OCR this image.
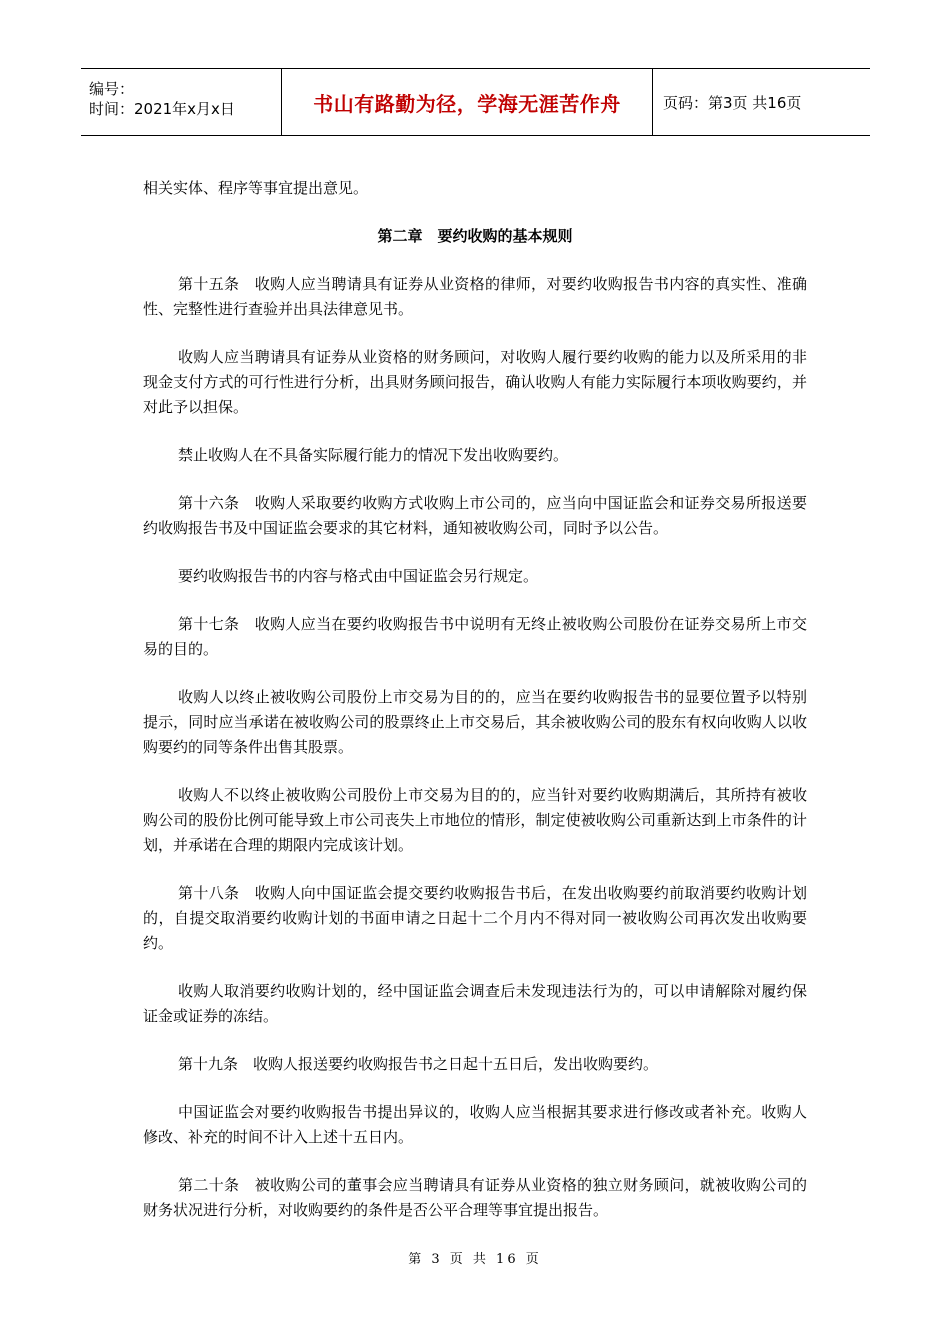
编号：
时间：2021年x月x日	书山有路勤为径，学海无涯苦作舟	页码：第3页 共16页

相关实体、程序等事宜提出意见。

第二章　要约收购的基本规则

第十五条　收购人应当聘请具有证券从业资格的律师，对要约收购报告书内容的真实性、准确性、完整性进行查验并出具法律意见书。

收购人应当聘请具有证券从业资格的财务顾问，对收购人履行要约收购的能力以及所采用的非现金支付方式的可行性进行分析，出具财务顾问报告，确认收购人有能力实际履行本项收购要约，并对此予以担保。

禁止收购人在不具备实际履行能力的情况下发出收购要约。

第十六条　收购人采取要约收购方式收购上市公司的，应当向中国证监会和证券交易所报送要约收购报告书及中国证监会要求的其它材料，通知被收购公司，同时予以公告。

要约收购报告书的内容与格式由中国证监会另行规定。

第十七条　收购人应当在要约收购报告书中说明有无终止被收购公司股份在证券交易所上市交易的目的。

收购人以终止被收购公司股份上市交易为目的的，应当在要约收购报告书的显要位置予以特别提示，同时应当承诺在被收购公司的股票终止上市交易后，其余被收购公司的股东有权向收购人以收购要约的同等条件出售其股票。

收购人不以终止被收购公司股份上市交易为目的的，应当针对要约收购期满后，其所持有被收购公司的股份比例可能导致上市公司丧失上市地位的情形，制定使被收购公司重新达到上市条件的计划，并承诺在合理的期限内完成该计划。

第十八条　收购人向中国证监会提交要约收购报告书后，在发出收购要约前取消要约收购计划的，自提交取消要约收购计划的书面申请之日起十二个月内不得对同一被收购公司再次发出收购要约。

收购人取消要约收购计划的，经中国证监会调查后未发现违法行为的，可以申请解除对履约保证金或证券的冻结。

第十九条　收购人报送要约收购报告书之日起十五日后，发出收购要约。

中国证监会对要约收购报告书提出异议的，收购人应当根据其要求进行修改或者补充。收购人修改、补充的时间不计入上述十五日内。

第二十条　被收购公司的董事会应当聘请具有证券从业资格的独立财务顾问，就被收购公司的财务状况进行分析，对收购要约的条件是否公平合理等事宜提出报告。

第 3 页 共 16 页
